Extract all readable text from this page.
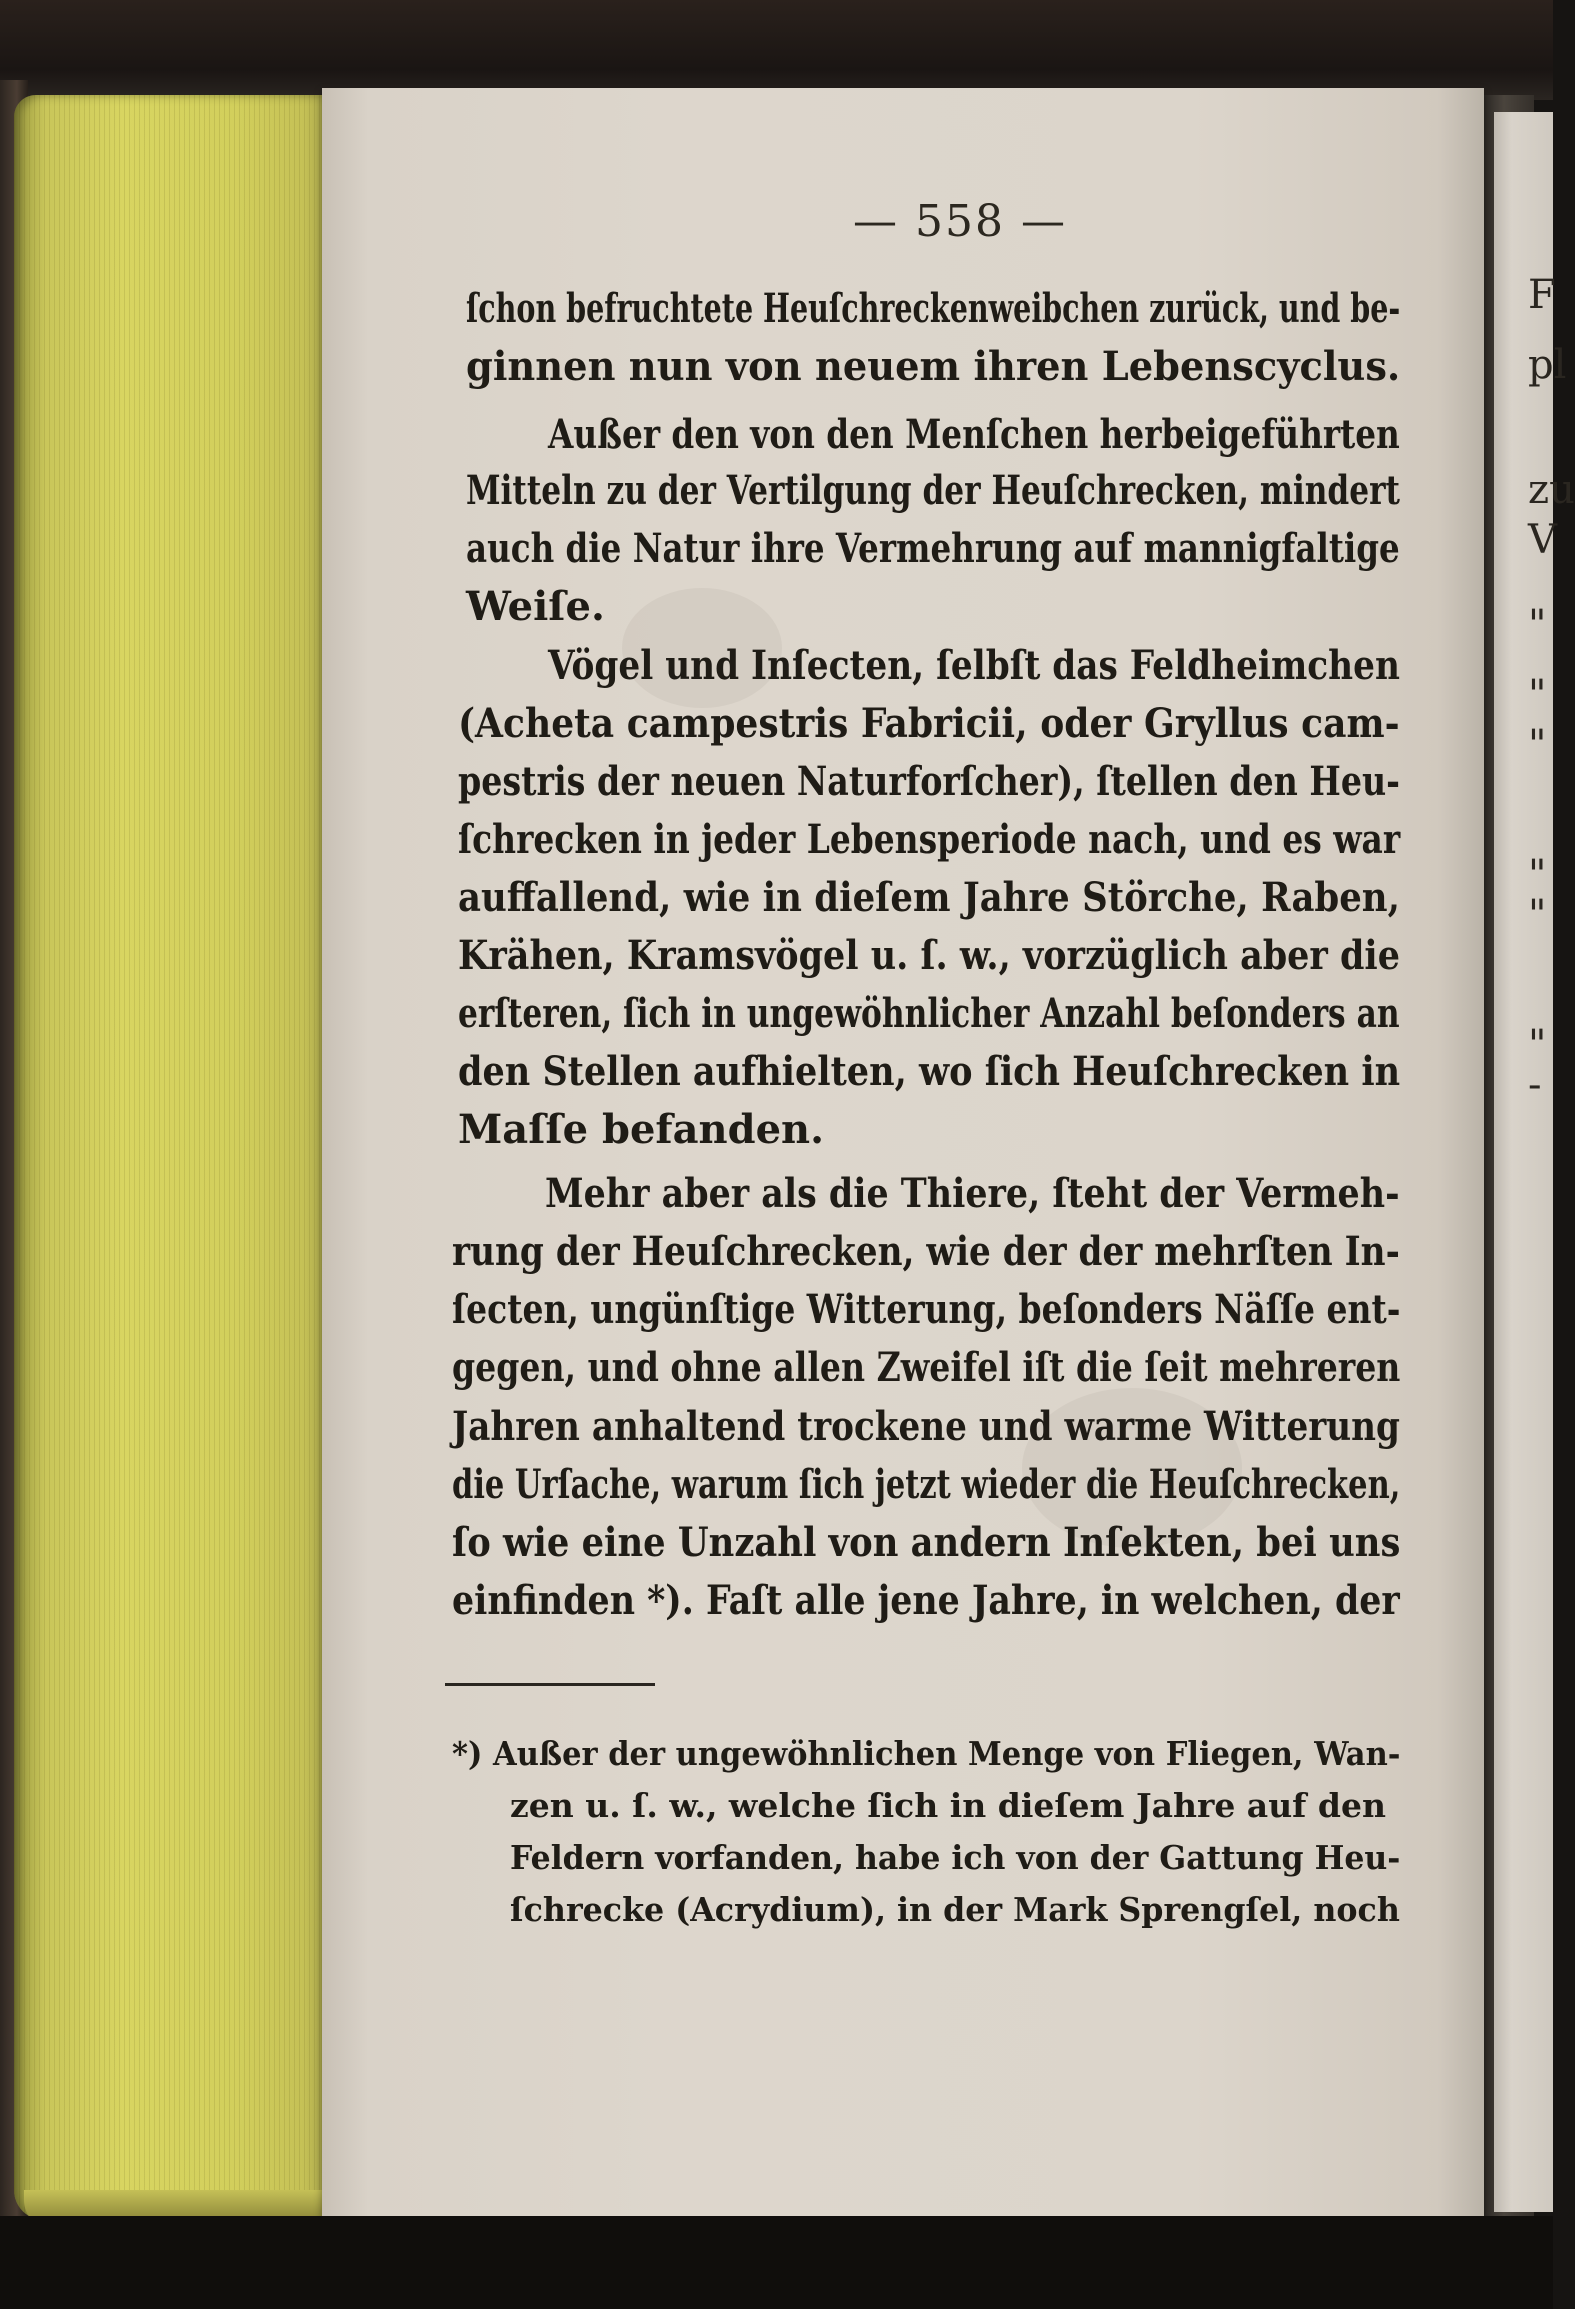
F
pl
zu
V
"
"
"
"
"
"
-
— 558 —
ſchon befruchtete Heuſchreckenweibchen zurück, und be-
ginnen nun von neuem ihren Lebenscyclus.
Außer den von den Menſchen herbeigeführten
Mitteln zu der Vertilgung der Heuſchrecken, mindert
auch die Natur ihre Vermehrung auf mannigfaltige
Weiſe.
Vögel und Inſecten, ſelbſt das Feldheimchen
(Acheta campestris Fabricii, oder Gryllus cam-
pestris der neuen Naturforſcher), ſtellen den Heu-
ſchrecken in jeder Lebensperiode nach, und es war
auffallend, wie in dieſem Jahre Störche, Raben,
Krähen, Kramsvögel u. ſ. w., vorzüglich aber die
erſteren, ſich in ungewöhnlicher Anzahl beſonders an
den Stellen aufhielten, wo ſich Heuſchrecken in
Maſſe befanden.
Mehr aber als die Thiere, ſteht der Vermeh-
rung der Heuſchrecken, wie der der mehrſten In-
ſecten, ungünſtige Witterung, beſonders Näſſe ent-
gegen, und ohne allen Zweifel iſt die ſeit mehreren
Jahren anhaltend trockene und warme Witterung
die Urſache, warum ſich jetzt wieder die Heuſchrecken,
ſo wie eine Unzahl von andern Inſekten, bei uns
einfinden *). Faſt alle jene Jahre, in welchen, der
*) Außer der ungewöhnlichen Menge von Fliegen, Wan-
zen u. ſ. w., welche ſich in dieſem Jahre auf den
Feldern vorfanden, habe ich von der Gattung Heu-
ſchrecke (Acrydium), in der Mark Sprengſel, noch
